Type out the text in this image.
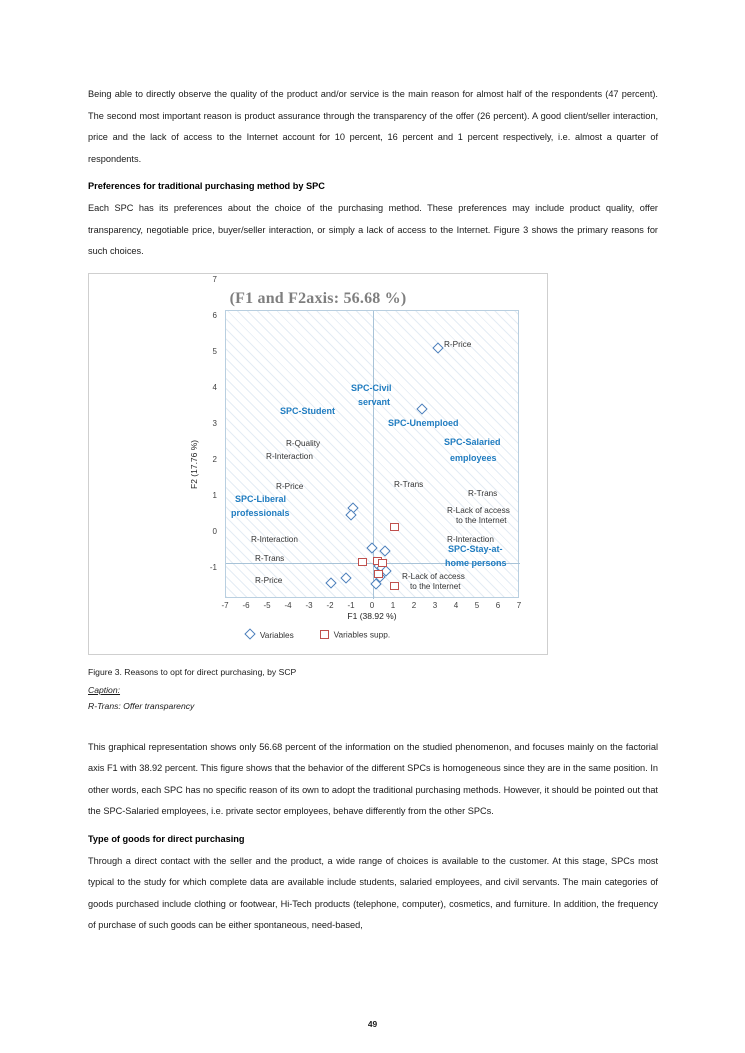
Being able to directly observe the quality of the product and/or service is the main reason for almost half of the respondents (47 percent). The second most important reason is product assurance through the transparency of the offer (26 percent). A good client/seller interaction, price and the lack of access to the Internet account for 10 percent, 16 percent and 1 percent respectively, i.e. almost a quarter of respondents.

Preferences for traditional purchasing method by SPC

Each SPC has its preferences about the choice of the purchasing method. These preferences may include product quality, offer transparency, negotiable price, buyer/seller interaction, or simply a lack of access to the Internet. Figure 3 shows the primary reasons for such choices.

(F1 and F2axis: 56.68 %)
-1
0
1
2
3
4
5
6
7
F2 (17.76 %)
R-Price
R-Quality
R-Interaction
R-Price	R-Trans
R-Trans
R-Lack of access
to the Internet
R-Interaction	R-Interaction
R-Trans
R-Price	R-Lack of access
to the Internet
SPC-Civil
servant
SPC-Student
SPC-Unemploed
SPC-Salaried
employees
SPC-Liberal
professionals
SPC-Stay-at-
home persons
-7	-6	-5	-4	-3	-2	-1	0	1	2	3	4	5	6	7
F1 (38.92 %)
Variables	Variables supp.
Figure 3. Reasons to opt for direct purchasing, by SCP
Caption:
R-Trans: Offer transparency

This graphical representation shows only 56.68 percent of the information on the studied phenomenon, and focuses mainly on the factorial axis F1 with 38.92 percent. This figure shows that the behavior of the different SPCs is homogeneous since they are in the same position. In other words, each SPC has no specific reason of its own to adopt the traditional purchasing methods. However, it should be pointed out that the SPC-Salaried employees, i.e. private sector employees, behave differently from the other SPCs.

Type of goods for direct purchasing

Through a direct contact with the seller and the product, a wide range of choices is available to the customer. At this stage, SPCs most typical to the study for which complete data are available include students, salaried employees, and civil servants. The main categories of goods purchased include clothing or footwear, Hi-Tech products (telephone, computer), cosmetics, and furniture. In addition, the frequency of purchase of such goods can be either spontaneous, need-based,

49
